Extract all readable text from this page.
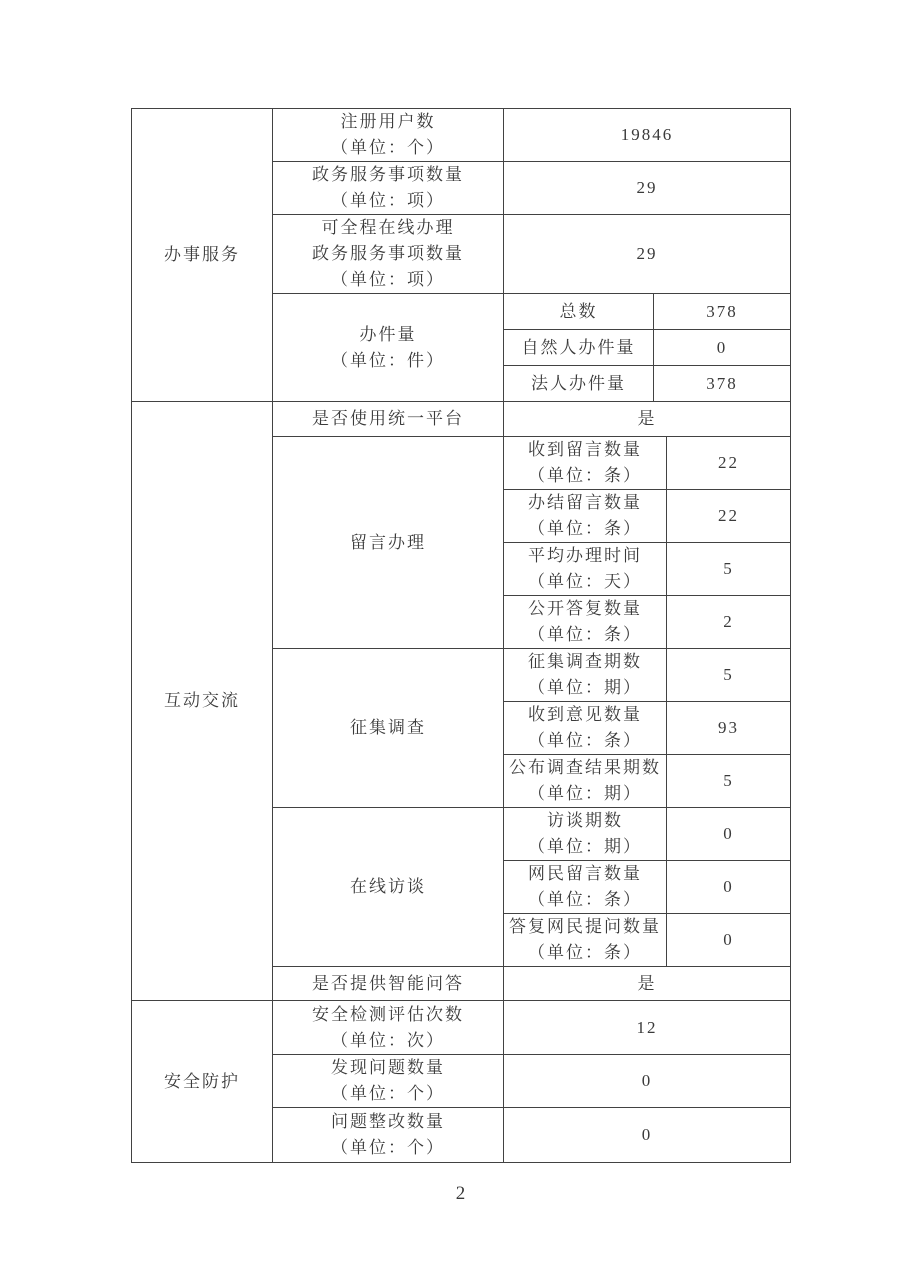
办事服务	注册用户数
（单位：个）	19846		

	政务服务事项数量
（单位：项）	29		

	可全程在线办理
政务服务事项数量
（单位：项）	29		

	办件量
（单位：件）	总数	378	
		自然人办件量	0	
		法人办件量	378	
互动交流	是否使用统一平台	是		
	留言办理	收到留言数量
（单位：条）		22

		办结留言数量
（单位：条）		22

		平均办理时间
（单位：天）		5

		公开答复数量
（单位：条）		2
	征集调查	征集调查期数
（单位：期）		5

		收到意见数量
（单位：条）		93

		公布调查结果期数
（单位：期）		5
	在线访谈	访谈期数
（单位：期）		0

		网民留言数量
（单位：条）		0

		答复网民提问数量
（单位：条）		0
	是否提供智能问答	是		
安全防护	安全检测评估次数
（单位：次）	12		

	发现问题数量
（单位：个）	0		

	问题整改数量
（单位：个）	0		
2
